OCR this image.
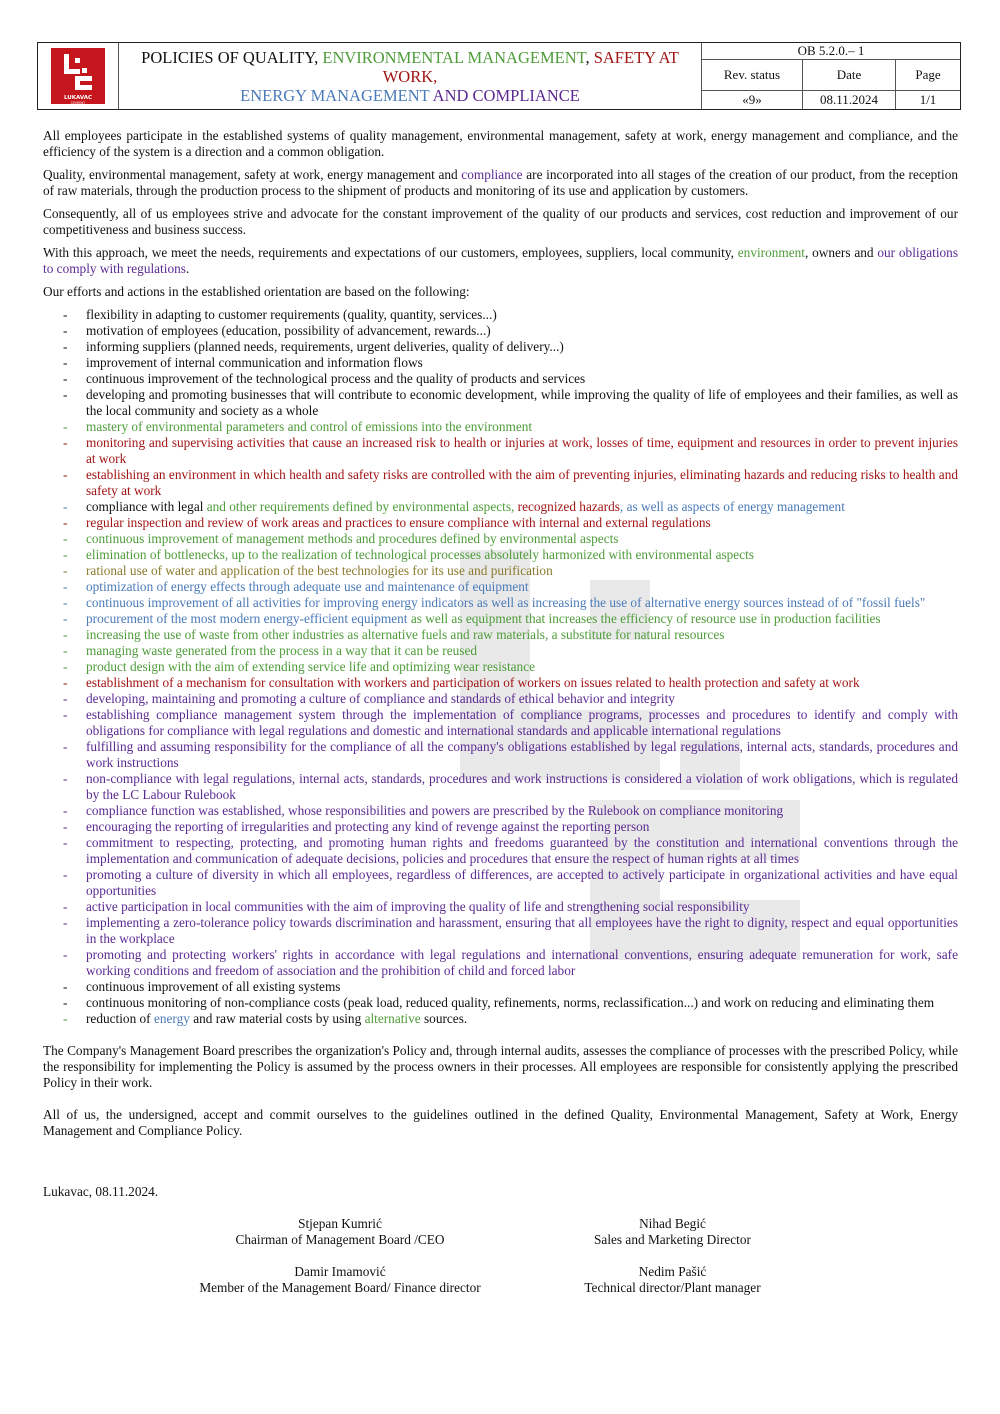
LUKAVAC
CEMENT
POLICIES OF QUALITY, ENVIRONMENTAL MANAGEMENT, SAFETY AT WORK,
ENERGY MANAGEMENT AND COMPLIANCE
OB 5.2.0.– 1
Rev. status	Date	Page
«9»	08.11.2024	1/1

All employees participate in the established systems of quality management, environmental management, safety at work, energy management and compliance, and the efficiency of the system is a direction and a common obligation.

Quality, environmental management, safety at work, energy management and compliance are incorporated into all stages of the creation of our product, from the reception of raw materials, through the production process to the shipment of products and monitoring of its use and application by customers.

Consequently, all of us employees strive and advocate for the constant improvement of the quality of our products and services, cost reduction and improvement of our competitiveness and business success.

With this approach, we meet the needs, requirements and expectations of our customers, employees, suppliers, local community, environment, owners and our obligations to comply with regulations.

Our efforts and actions in the established orientation are based on the following:

- flexibility in adapting to customer requirements (quality, quantity, services...)
- motivation of employees (education, possibility of advancement, rewards...)
- informing suppliers (planned needs, requirements, urgent deliveries, quality of delivery...)
- improvement of internal communication and information flows
- continuous improvement of the technological process and the quality of products and services
- developing and promoting businesses that will contribute to economic development, while improving the quality of life of employees and their families, as well as the local community and society as a whole
- mastery of environmental parameters and control of emissions into the environment
- monitoring and supervising activities that cause an increased risk to health or injuries at work, losses of time, equipment and resources in order to prevent injuries at work
- establishing an environment in which health and safety risks are controlled with the aim of preventing injuries, eliminating hazards and reducing risks to health and safety at work
- compliance with legal and other requirements defined by environmental aspects, recognized hazards, as well as aspects of energy management
- regular inspection and review of work areas and practices to ensure compliance with internal and external regulations
- continuous improvement of management methods and procedures defined by environmental aspects
- elimination of bottlenecks, up to the realization of technological processes absolutely harmonized with environmental aspects
- rational use of water and application of the best technologies for its use and purification
- optimization of energy effects through adequate use and maintenance of equipment
- continuous improvement of all activities for improving energy indicators as well as increasing the use of alternative energy sources instead of of "fossil fuels"
- procurement of the most modern energy-efficient equipment as well as equipment that increases the efficiency of resource use in production facilities
- increasing the use of waste from other industries as alternative fuels and raw materials, a substitute for natural resources
- managing waste generated from the process in a way that it can be reused
- product design with the aim of extending service life and optimizing wear resistance
- establishment of a mechanism for consultation with workers and participation of workers on issues related to health protection and safety at work
- developing, maintaining and promoting a culture of compliance and standards of ethical behavior and integrity
- establishing compliance management system through the implementation of compliance programs, processes and procedures to identify and comply with obligations for compliance with legal regulations and domestic and international standards and applicable international regulations
- fulfilling and assuming responsibility for the compliance of all the company's obligations established by legal regulations, internal acts, standards, procedures and work instructions
- non-compliance with legal regulations, internal acts, standards, procedures and work instructions is considered a violation of work obligations, which is regulated by the LC Labour Rulebook
- compliance function was established, whose responsibilities and powers are prescribed by the Rulebook on compliance monitoring
- encouraging the reporting of irregularities and protecting any kind of revenge against the reporting person
- commitment to respecting, protecting, and promoting human rights and freedoms guaranteed by the constitution and international conventions through the implementation and communication of adequate decisions, policies and procedures that ensure the respect of human rights at all times
- promoting a culture of diversity in which all employees, regardless of differences, are accepted to actively participate in organizational activities and have equal opportunities
- active participation in local communities with the aim of improving the quality of life and strengthening social responsibility
- implementing a zero-tolerance policy towards discrimination and harassment, ensuring that all employees have the right to dignity, respect and equal opportunities in the workplace
- promoting and protecting workers' rights in accordance with legal regulations and international conventions, ensuring adequate remuneration for work, safe working conditions and freedom of association and the prohibition of child and forced labor
- continuous improvement of all existing systems
- continuous monitoring of non-compliance costs (peak load, reduced quality, refinements, norms, reclassification...) and work on reducing and eliminating them
- reduction of energy and raw material costs by using alternative sources.

The Company's Management Board prescribes the organization's Policy and, through internal audits, assesses the compliance of processes with the prescribed Policy, while the responsibility for implementing the Policy is assumed by the process owners in their processes. All employees are responsible for consistently applying the prescribed Policy in their work.

All of us, the undersigned, accept and commit ourselves to the guidelines outlined in the defined Quality, Environmental Management, Safety at Work, Energy Management and Compliance Policy.

Lukavac, 08.11.2024.
Stjepan Kumrić
Chairman of Management Board /CEO
Nihad Begić
Sales and Marketing Director
Damir Imamović
Member of the Management Board/ Finance director
Nedim Pašić
Technical director/Plant manager
